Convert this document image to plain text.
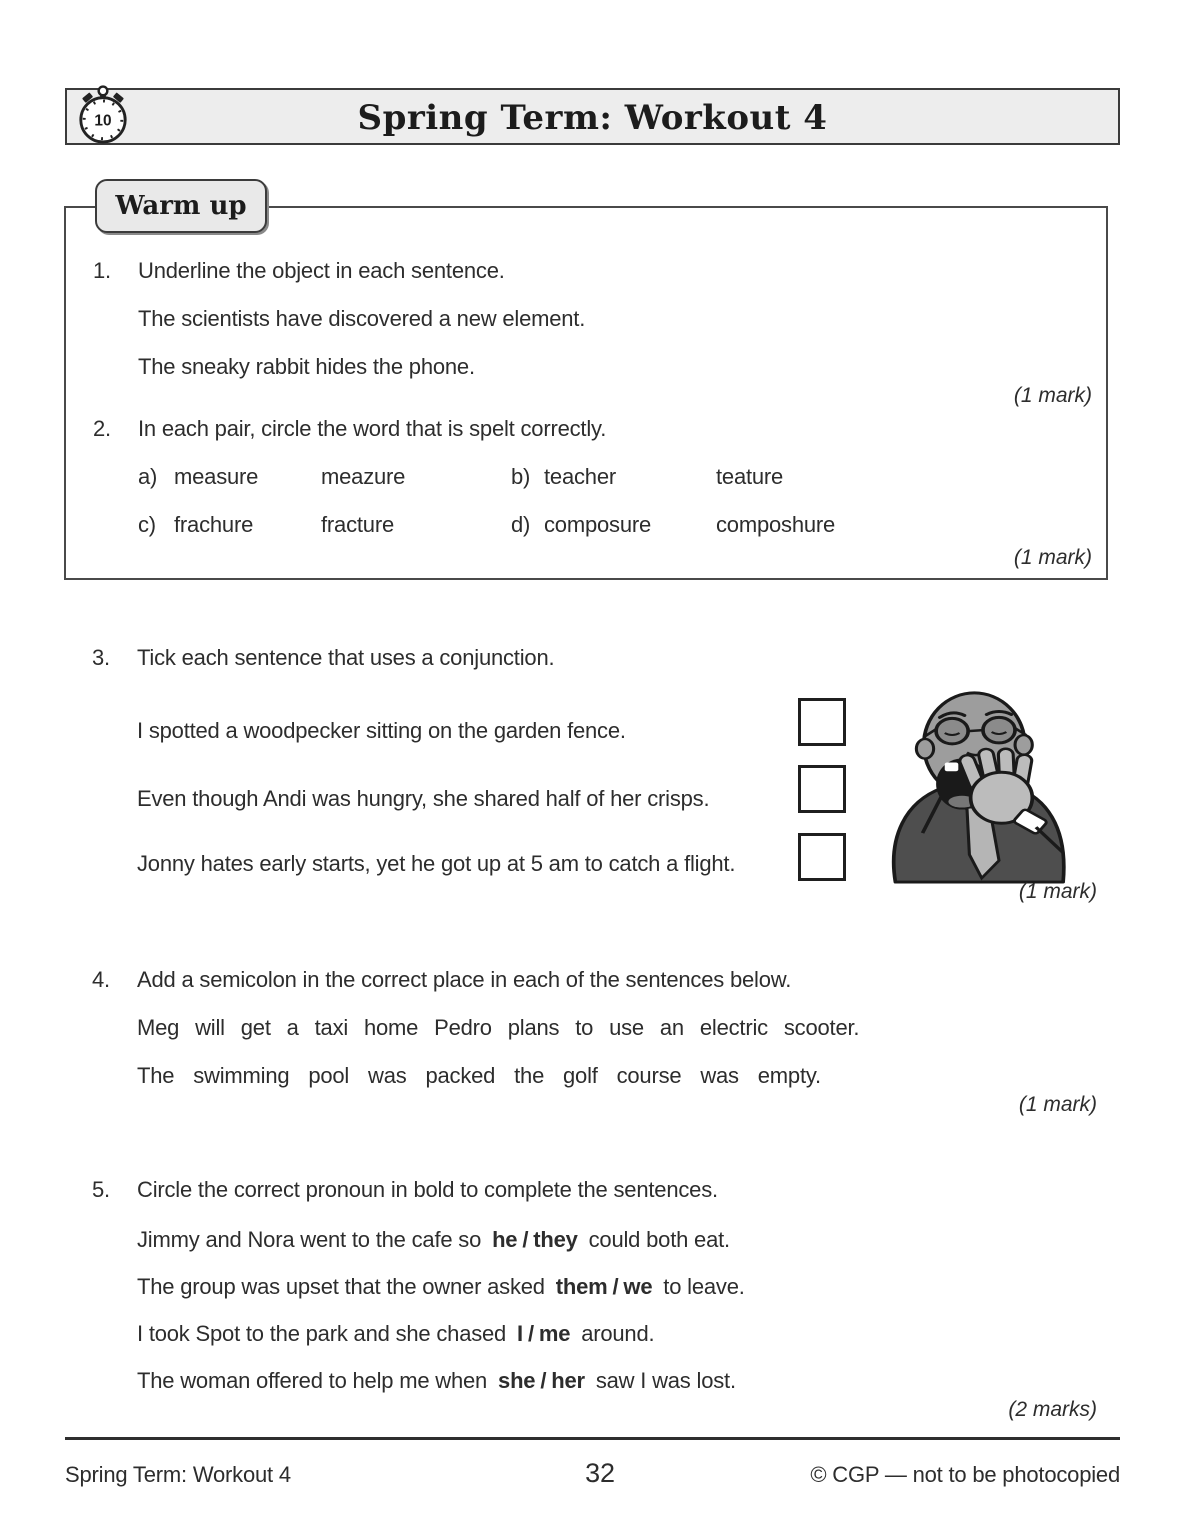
Spring Term: Workout 4
10
Warm up
1. Underline the object in each sentence.
The scientists have discovered a new element.
The sneaky rabbit hides the phone.
(1 mark)
2. In each pair, circle the word that is spelt correctly.
a) measure	meazure	b) teacher	teature
c) frachure	fracture	d) composure	composhure
(1 mark)
3. Tick each sentence that uses a conjunction.
I spotted a woodpecker sitting on the garden fence.
Even though Andi was hungry, she shared half of her crisps.
Jonny hates early starts, yet he got up at 5 am to catch a flight.
(1 mark)
4. Add a semicolon in the correct place in each of the sentences below.
Meg will get a taxi home Pedro plans to use an electric scooter.
The swimming pool was packed the golf course was empty.
(1 mark)
5. Circle the correct pronoun in bold to complete the sentences.
Jimmy and Nora went to the cafe so he / they could both eat.
The group was upset that the owner asked them / we to leave.
I took Spot to the park and she chased I / me around.
The woman offered to help me when she / her saw I was lost.
(2 marks)
Spring Term: Workout 4	32	© CGP — not to be photocopied
